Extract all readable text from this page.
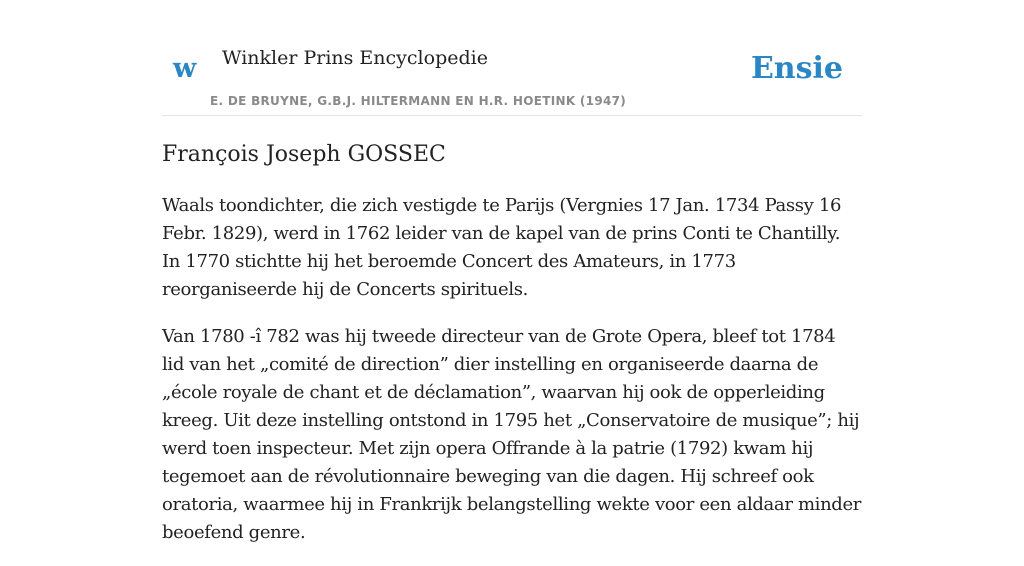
w Winkler Prins Encyclopedie
E. DE BRUYNE, G.B.J. HILTERMANN EN H.R. HOETINK (1947)
Ensie
François Joseph GOSSEC

Waals toondichter, die zich vestigde te Parijs (Vergnies 17 Jan. 1734 Passy 16 Febr. 1829), werd in 1762 leider van de kapel van de prins Conti te Chantilly. In 1770 stichtte hij het beroemde Concert des Amateurs, in 1773 reorganiseerde hij de Concerts spirituels.

Van 1780 -î 782 was hij tweede directeur van de Grote Opera, bleef tot 1784 lid van het „comité de direction” dier instelling en organiseerde daarna de „école royale de chant et de déclamation”, waarvan hij ook de opperleiding kreeg. Uit deze instelling ontstond in 1795 het „Conservatoire de musique”; hij werd toen inspecteur. Met zijn opera Offrande à la patrie (1792) kwam hij tegemoet aan de révolutionnaire beweging van die dagen. Hij schreef ook oratoria, waarmee hij in Frankrijk belangstelling wekte voor een aldaar minder beoefend genre.
